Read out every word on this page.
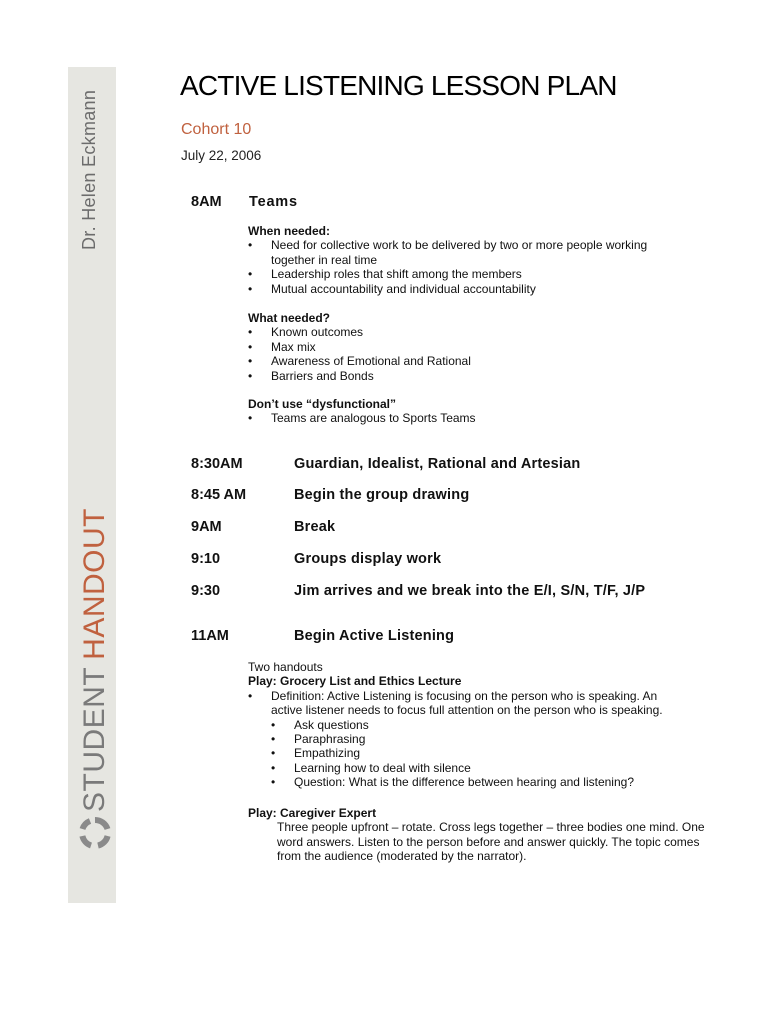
Dr. Helen Eckmann
STUDENTHANDOUT
ACTIVE LISTENING LESSON PLAN
Cohort 10
July 22, 2006
8AM Teams
When needed:
• Need for collective work to be delivered by two or more people working together in real time
• Leadership roles that shift among the members
• Mutual accountability and individual accountability
What needed?
• Known outcomes
• Max mix
• Awareness of Emotional and Rational
• Barriers and Bonds
Don’t use “dysfunctional”
• Teams are analogous to Sports Teams
8:30AM	Guardian, Idealist, Rational and Artesian
8:45 AM	Begin the group drawing
9AM	Break
9:10	Groups display work
9:30	Jim arrives and we break into the E/I, S/N, T/F, J/P
11AM	Begin Active Listening
Two handouts
Play: Grocery List and Ethics Lecture
• Definition: Active Listening is focusing on the person who is speaking. An active listener needs to focus full attention on the person who is speaking.
• Ask questions
• Paraphrasing
• Empathizing
• Learning how to deal with silence
• Question: What is the difference between hearing and listening?
Play: Caregiver Expert
Three people upfront – rotate. Cross legs together – three bodies one mind. One word answers. Listen to the person before and answer quickly. The topic comes from the audience (moderated by the narrator).
